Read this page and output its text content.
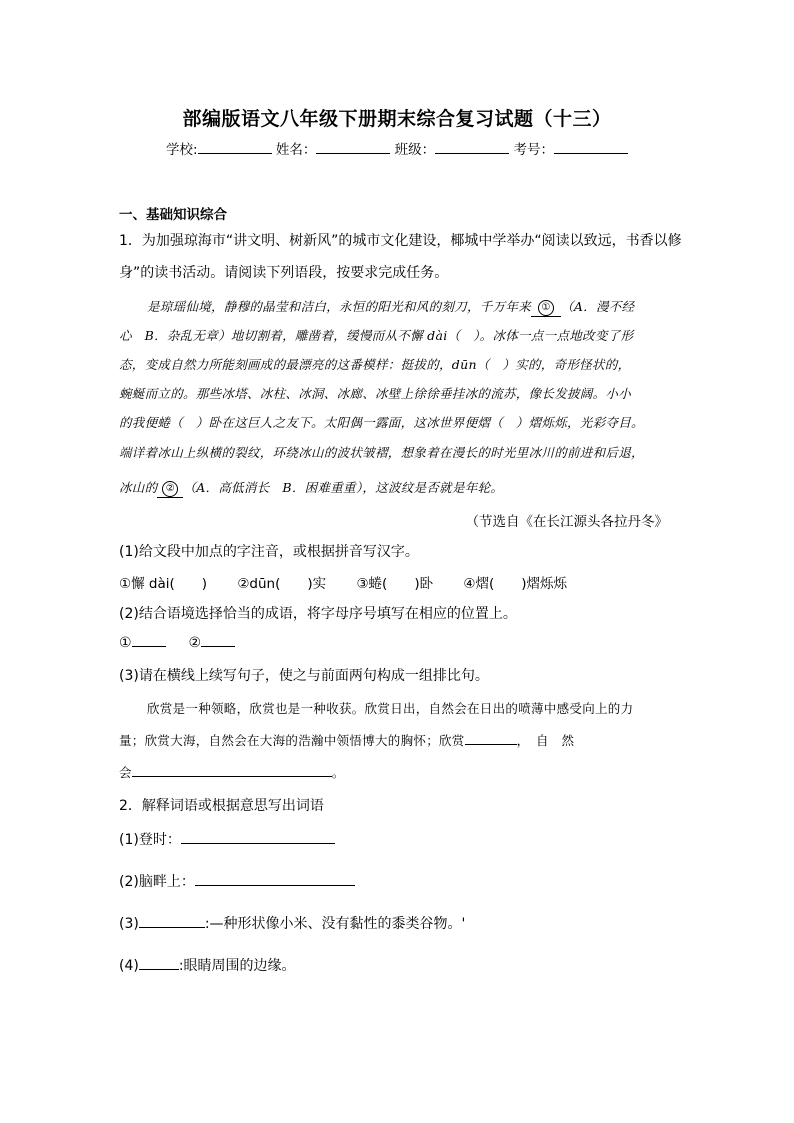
部编版语文八年级下册期末综合复习试题（十三）
学校:	姓名：	班级：	考号：
一、基础知识综合
1．为加强琼海市“讲文明、树新风”的城市文化建设，椰城中学举办“阅读以致远，书香以修
身”的读书活动。请阅读下列语段，按要求完成任务。
是琼瑶仙境，静穆的晶莹和洁白，永恒的阳光和风的刻刀，千万年来 ① （A．漫不经
心　B．杂乱无章）地切割着，雕凿着，缓慢而从不懈 dài（　）。冰体一点一点地改变了形
态，变成自然力所能刻画成的最漂亮的这番模样：挺拔的，dūn（　）实的，奇形怪状的，
蜿蜒而立的。那些冰塔、冰柱、冰洞、冰廊、冰壁上徐徐垂挂冰的流苏，像长发披阔。小小
的我便蜷（　）卧在这巨人之友下。太阳偶一露面，这冰世界便熠（　）熠烁烁，光彩夺目。
端详着冰山上纵横的裂纹，环绕冰山的波状皱褶，想象着在漫长的时光里冰川的前进和后退，
冰山的 ② （A．高低消长　B．困难重重），这波纹是否就是年轮。
（节选自《在长江源头各拉丹冬》
(1)给文段中加点的字注音，或根据拼音写汉字。
①懈 dài(　　) ②dūn(　　)实 ③蜷(　　)卧 ④熠(　　)熠烁烁
(2)结合语境选择恰当的成语，将字母序号填写在相应的位置上。
①	②
(3)请在横线上续写句子，使之与前面两句构成一组排比句。
欣赏是一种领略，欣赏也是一种收获。欣赏日出，自然会在日出的喷薄中感受向上的力
量；欣赏大海，自然会在大海的浩瀚中领悟博大的胸怀；欣赏	，　自　然
会	。
2．解释词语或根据意思写出词语
(1)登时：
(2)脑畔上：
(3)	:—种形状像小米、没有黏性的黍类谷物。'
(4)	:眼睛周围的边缘。
